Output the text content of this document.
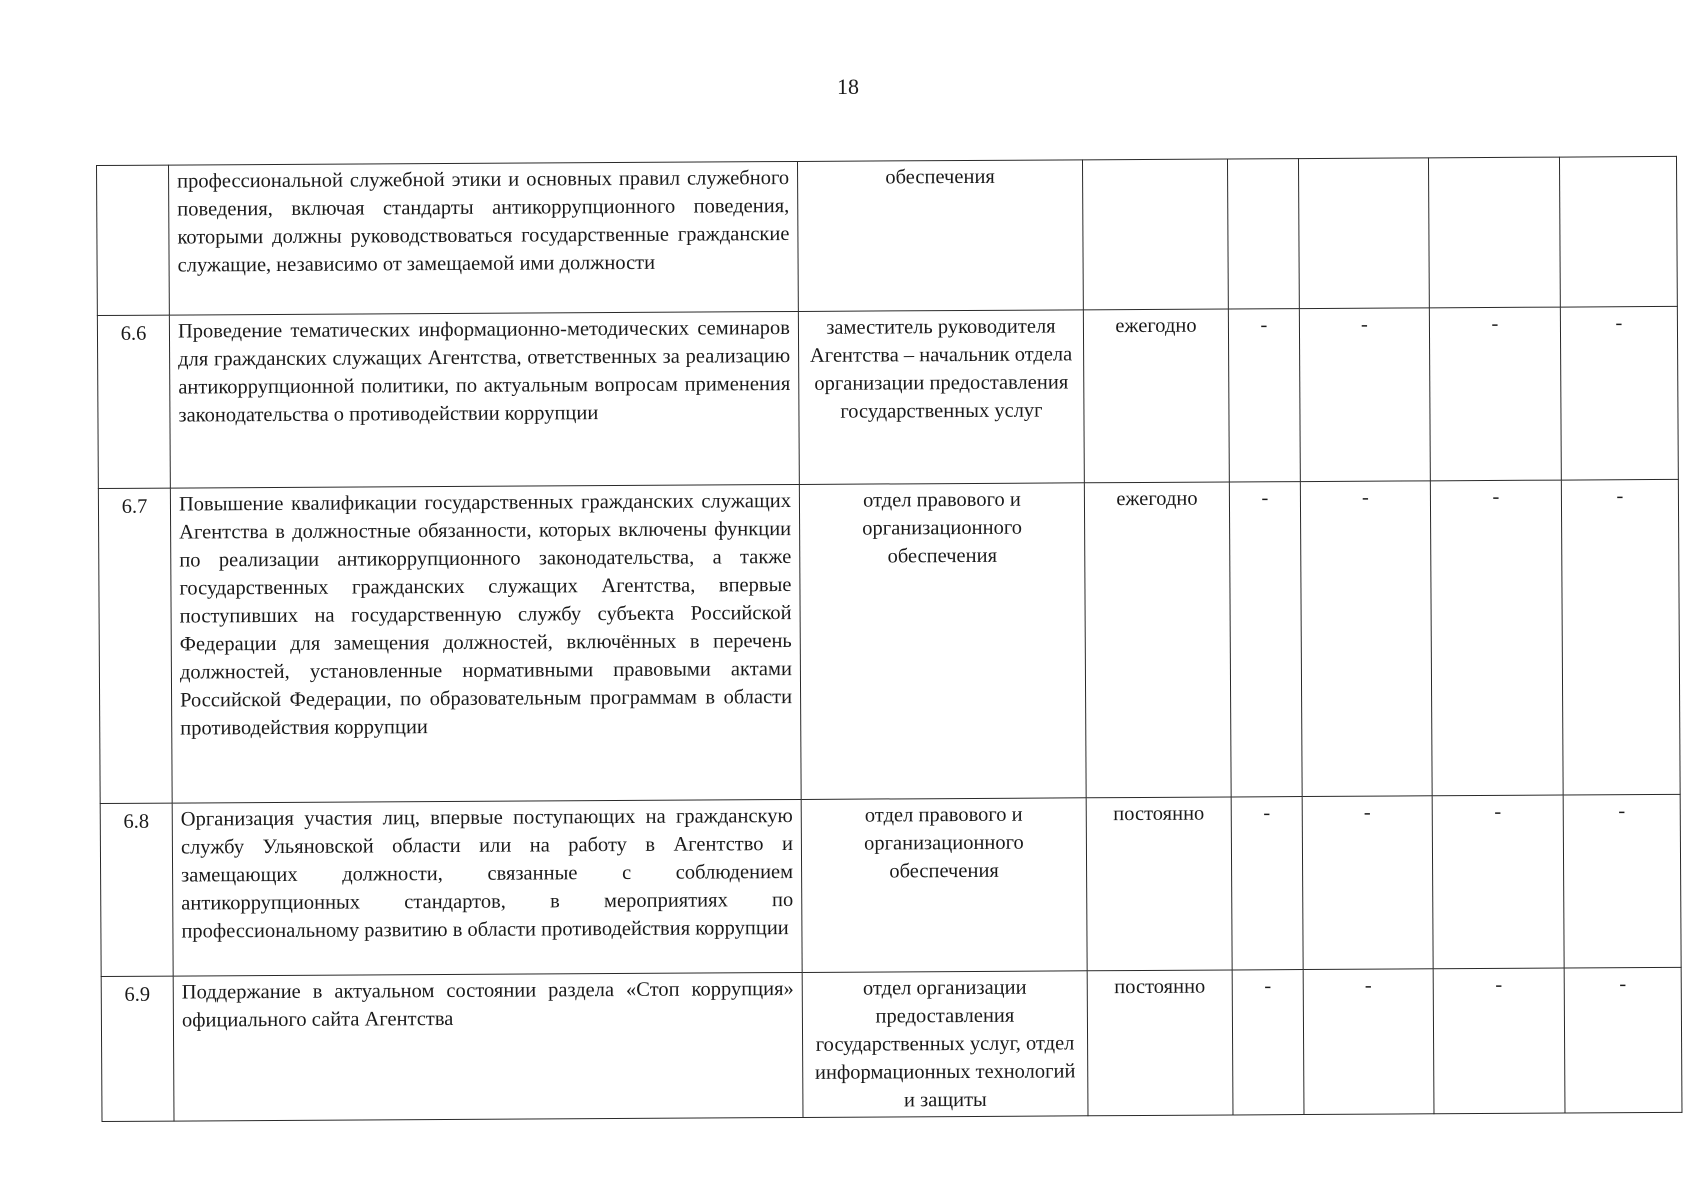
18
	профессиональной служебной этики и основных правил служебного поведения, включая стандарты антикоррупционного поведения, которыми должны руководствоваться государственные гражданские служащие, независимо от замещаемой ими должности	обеспечения					
6.6	Проведение тематических информационно-методических семинаров для гражданских служащих Агентства, ответственных за реализацию антикоррупционной политики, по актуальным вопросам применения законодательства о противодействии коррупции	заместитель руководителя Агентства – начальник отдела организации предоставления государственных услуг	ежегодно	-	-	-	-
6.7	Повышение квалификации государственных гражданских служащих Агентства в должностные обязанности, которых включены функции по реализации антикоррупционного законодательства, а также государственных гражданских служащих Агентства, впервые поступивших на государственную службу субъекта Российской Федерации для замещения должностей, включённых в перечень должностей, установленные нормативными правовыми актами Российской Федерации, по образовательным программам в области противодействия коррупции	отдел правового и организационного обеспечения	ежегодно	-	-	-	-
6.8	Организация участия лиц, впервые поступающих на гражданскую службу Ульяновской области или на работу в Агентство и замещающих должности, связанные с соблюдением антикоррупционных стандартов, в мероприятиях по профессиональному развитию в области противодействия коррупции	отдел правового и организационного обеспечения	постоянно	-	-	-	-
6.9	Поддержание в актуальном состоянии раздела «Стоп коррупция» официального сайта Агентства	отдел организации предоставления государственных услуг, отдел информационных технологий и защиты	постоянно	-	-	-	-
